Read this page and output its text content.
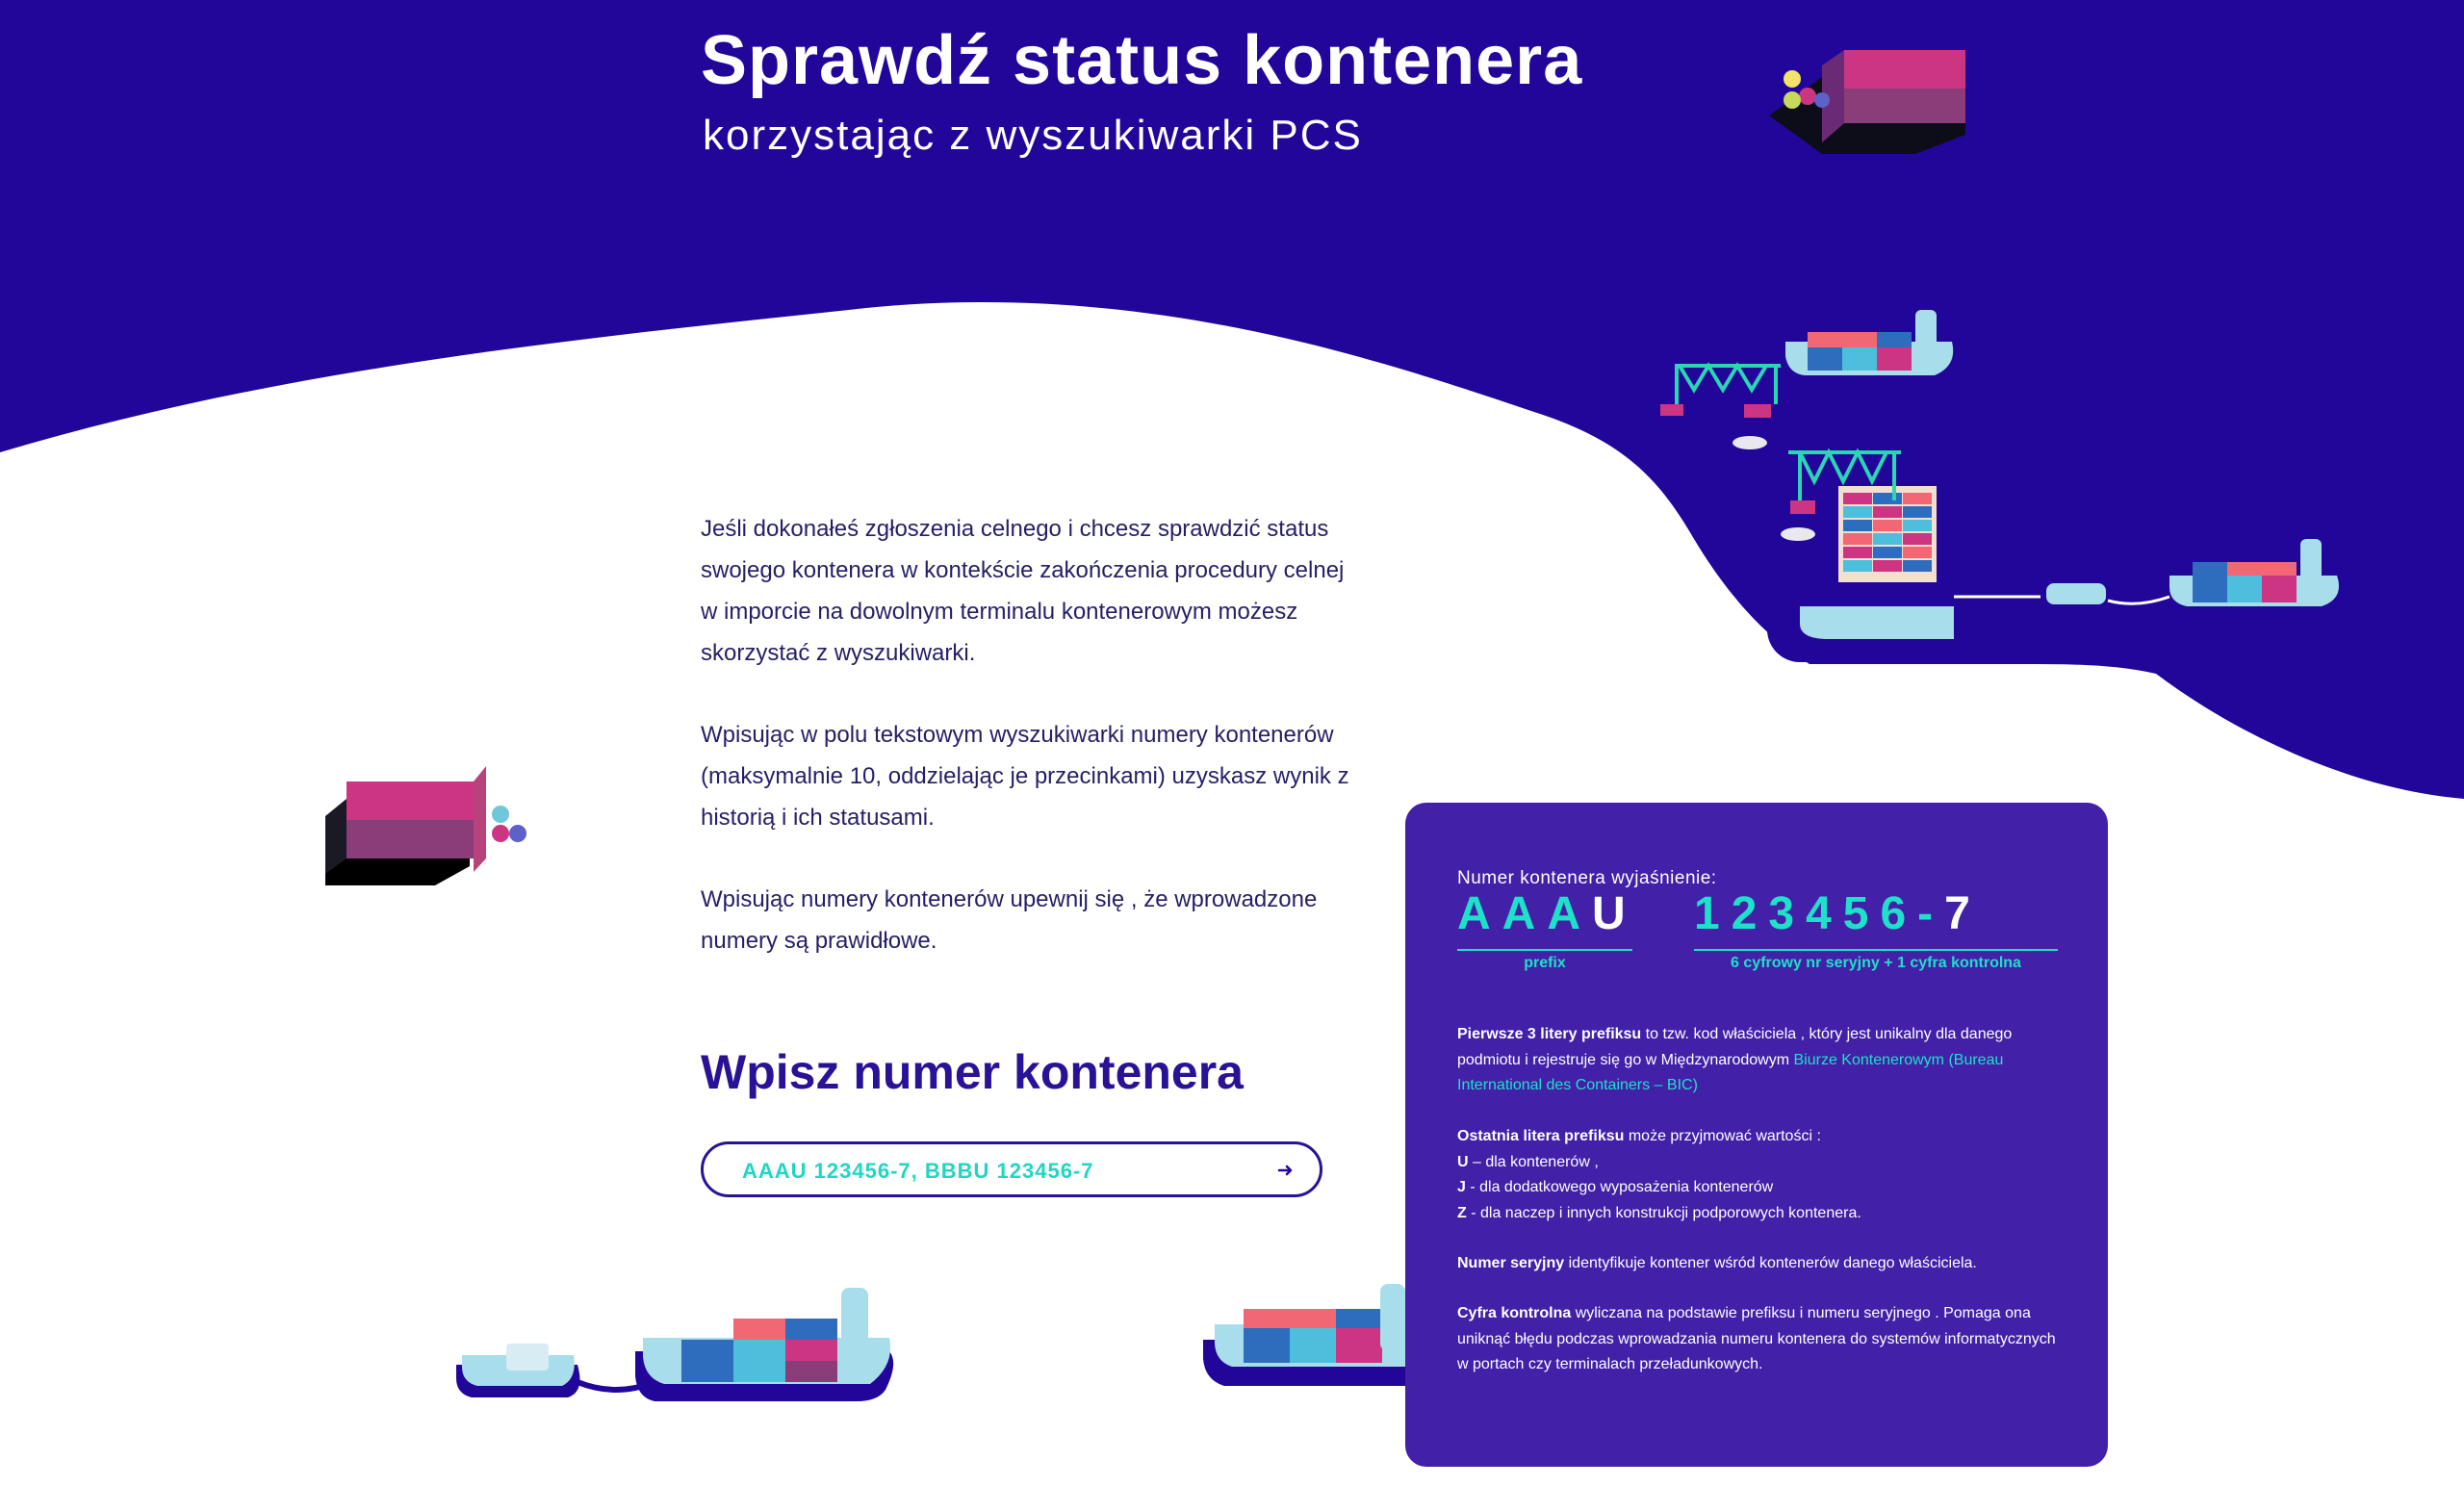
Sprawdź status kontenera
korzystając z wyszukiwarki PCS

Jeśli dokonałeś zgłoszenia celnego i chcesz sprawdzić status swojego kontenera w kontekście zakończenia procedury celnej w imporcie na dowolnym terminalu kontenerowym możesz skorzystać z wyszukiwarki.

Wpisując w polu tekstowym wyszukiwarki numery kontenerów (maksymalnie 10, oddzielając je przecinkami) uzyskasz wynik z historią i ich statusami.

Wpisując numery kontenerów upewnij się , że wprowadzone numery są prawidłowe.

Wpisz numer kontenera
AAAU 123456-7, BBBU 123456-7
Numer kontenera wyjaśnienie:
AAAU 123456-7
prefix	6 cyfrowy nr seryjny + 1 cyfra kontrolna
Pierwsze 3 litery prefiksu to tzw. kod właściciela , który jest unikalny dla danego podmiotu i rejestruje się go w Międzynarodowym Biurze Kontenerowym (Bureau International des Containers – BIC)
Ostatnia litera prefiksu może przyjmować wartości :
U – dla kontenerów ,
J - dla dodatkowego wyposażenia kontenerów
Z - dla naczep i innych konstrukcji podporowych kontenera.
Numer seryjny identyfikuje kontener wśród kontenerów danego właściciela.
Cyfra kontrolna wyliczana na podstawie prefiksu i numeru seryjnego . Pomaga ona uniknąć błędu podczas wprowadzania numeru kontenera do systemów informatycznych w portach czy terminalach przeładunkowych.
